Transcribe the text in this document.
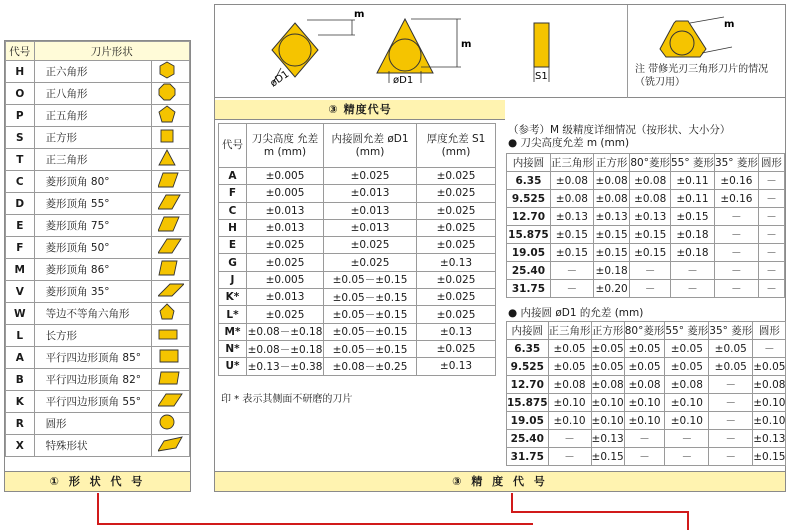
代号	刀片形状	
H	正六角形	
O	正八角形	
P	正五角形	
S	正方形	
T	正三角形	
C	菱形顶角 80°	
D	菱形顶角 55°	
E	菱形顶角 75°	
F	菱形顶角 50°	
M	菱形顶角 86°	
V	菱形顶角 35°	
W	等边不等角六角形	
L	长方形	
A	平行四边形顶角 85°	
B	平行四边形顶角 82°	
K	平行四边形顶角 55°	
R	圆形	
X	特殊形状	
① 形 状 代 号
m
øD1
m
øD1	S1
m
注 带修光刃三角形刀片的情况 （铣刀用）
③ 精度代号
代号	刀尖高度 允差m (mm)	内接圆允差 øD1 (mm)	厚度允差 S1 (mm)
A	±0.005	±0.025	±0.025
F	±0.005	±0.013	±0.025
C	±0.013	±0.013	±0.025
H	±0.013	±0.013	±0.025
E	±0.025	±0.025	±0.025
G	±0.025	±0.025	±0.13
J	±0.005	±0.05－±0.15	±0.025
K*	±0.013	±0.05－±0.15	±0.025
L*	±0.025	±0.05－±0.15	±0.025
M*	±0.08－±0.18	±0.05－±0.15	±0.13
N*	±0.08－±0.18	±0.05－±0.15	±0.025
U*	±0.13－±0.38	±0.08－±0.25	±0.13
印 * 表示其侧面不研磨的刀片
（参考）M 级精度详细情况（按形状、大小分）
● 刀尖高度允差 m (mm)
内接圆	正三角形	正方形	80°菱形	55° 菱形	35° 菱形	圆形
6.35	±0.08	±0.08	±0.08	±0.11	±0.16	－
9.525	±0.08	±0.08	±0.08	±0.11	±0.16	－
12.70	±0.13	±0.13	±0.13	±0.15	－	－
15.875	±0.15	±0.15	±0.15	±0.18	－	－
19.05	±0.15	±0.15	±0.15	±0.18	－	－
25.40	－	±0.18	－	－	－	－
31.75	－	±0.20	－	－	－	－
● 内接圆 øD1 的允差 (mm)
内接圆	正三角形	正方形	80°菱形	55° 菱形	35° 菱形	圆形
6.35	±0.05	±0.05	±0.05	±0.05	±0.05	－
9.525	±0.05	±0.05	±0.05	±0.05	±0.05	±0.05
12.70	±0.08	±0.08	±0.08	±0.08	－	±0.08
15.875	±0.10	±0.10	±0.10	±0.10	－	±0.10
19.05	±0.10	±0.10	±0.10	±0.10	－	±0.10
25.40	－	±0.13	－	－	－	±0.13
31.75	－	±0.15	－	－	－	±0.15
③ 精 度 代 号
